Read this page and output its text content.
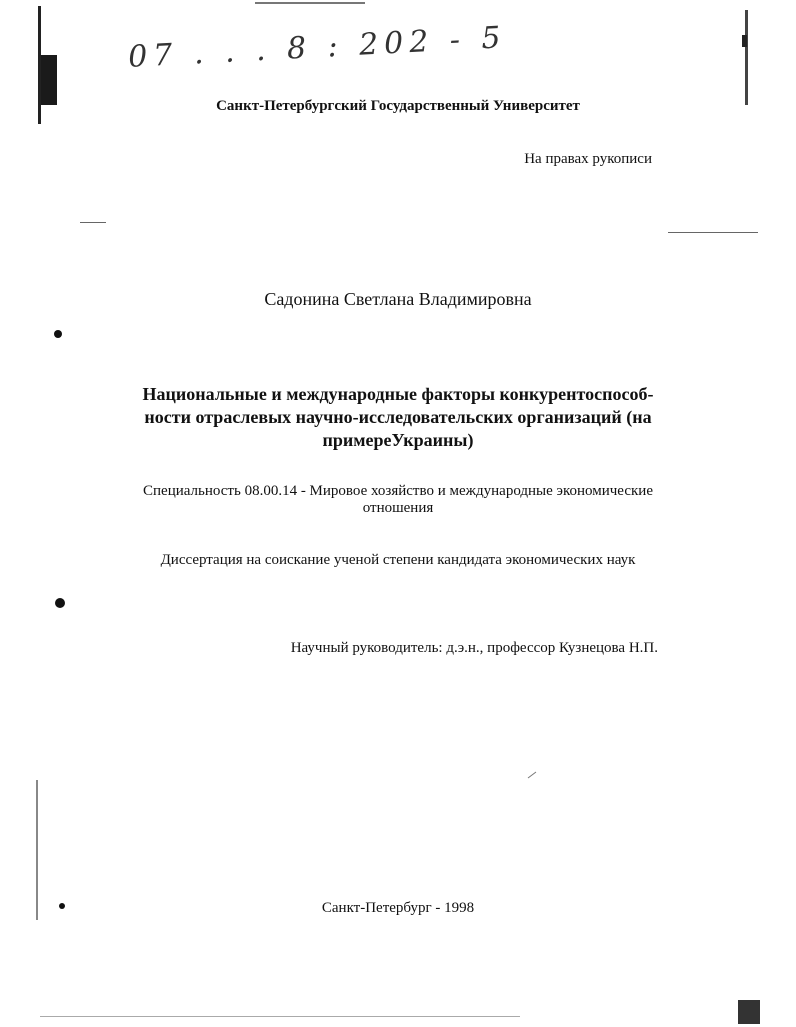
07 . . . 8 : 202 - 5
Санкт-Петербургский Государственный Университет
На правах рукописи
Садонина Светлана Владимировна
Национальные и международные факторы конкурентоспособ-
ности отраслевых научно-исследовательских организаций (на
примереУкраины)
Специальность 08.00.14 - Мировое хозяйство и международные экономические
отношения
Диссертация на соискание ученой степени кандидата экономических наук
Научный руководитель: д.э.н., профессор Кузнецова Н.П.
Санкт-Петербург - 1998
